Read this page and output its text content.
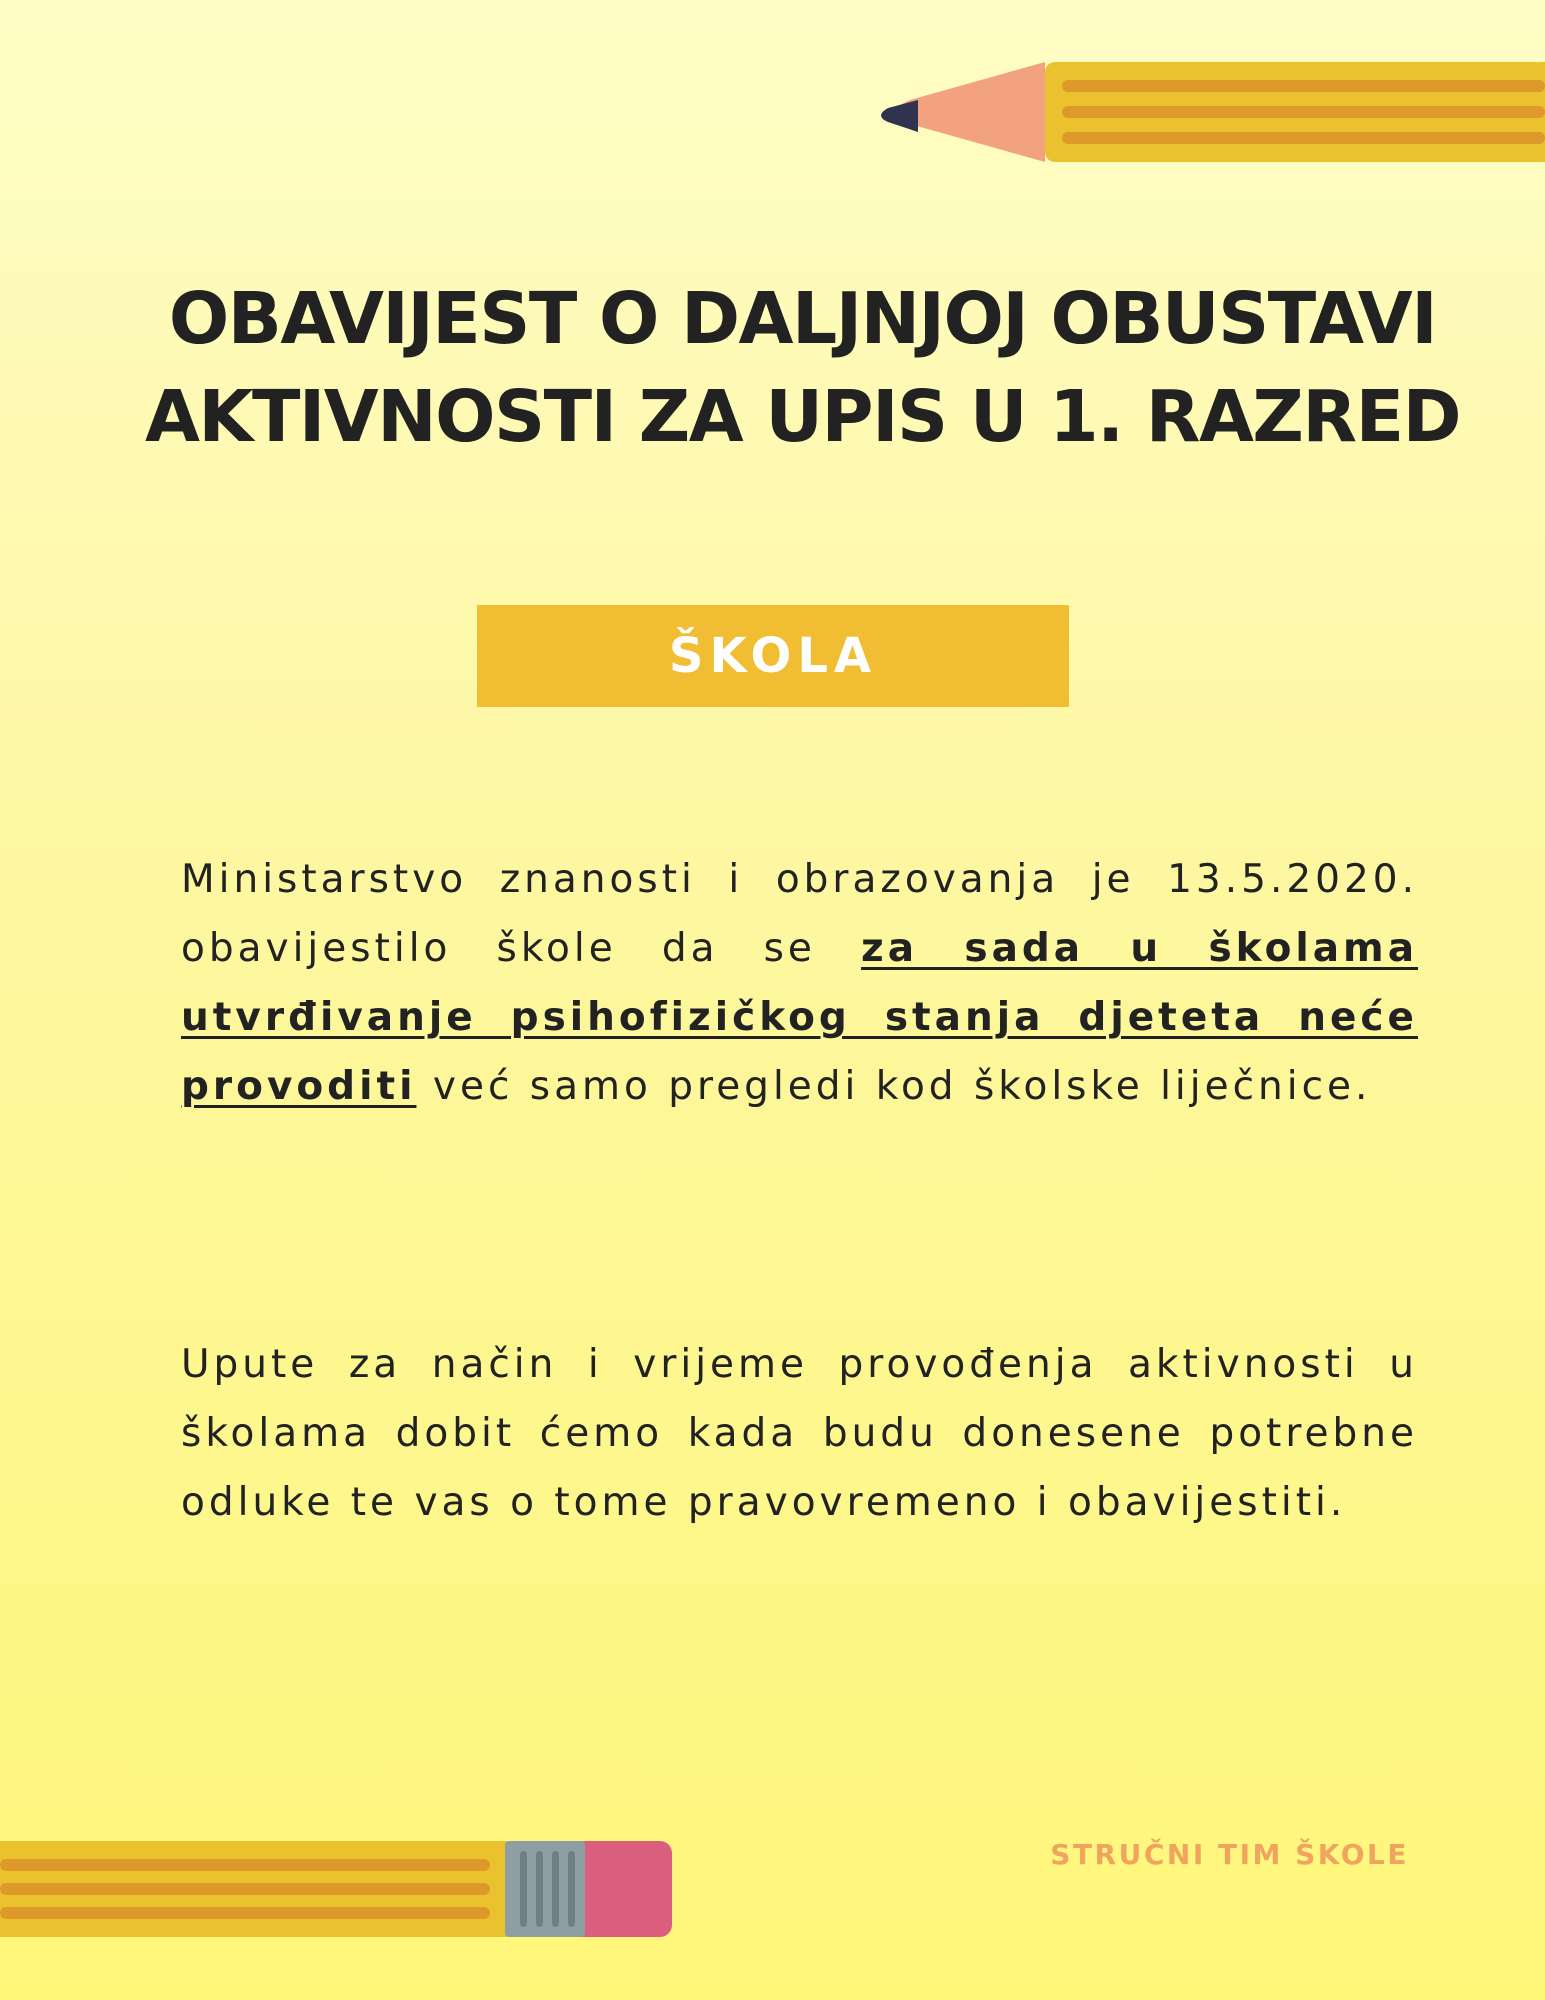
OBAVIJEST O DALJNJOJ OBUSTAVI AKTIVNOSTI ZA UPIS U 1. RAZRED
ŠKOLA

Ministarstvo znanosti i obrazovanja je 13.5.2020. obavijestilo škole da se za sada u školama utvrđivanje psihofizičkog stanja djeteta neće provoditi već samo pregledi kod školske liječnice.

Upute za način i vrijeme provođenja aktivnosti u školama dobit ćemo kada budu donesene potrebne odluke te vas o tome pravovremeno i obavijestiti.

STRUČNI TIM ŠKOLE
